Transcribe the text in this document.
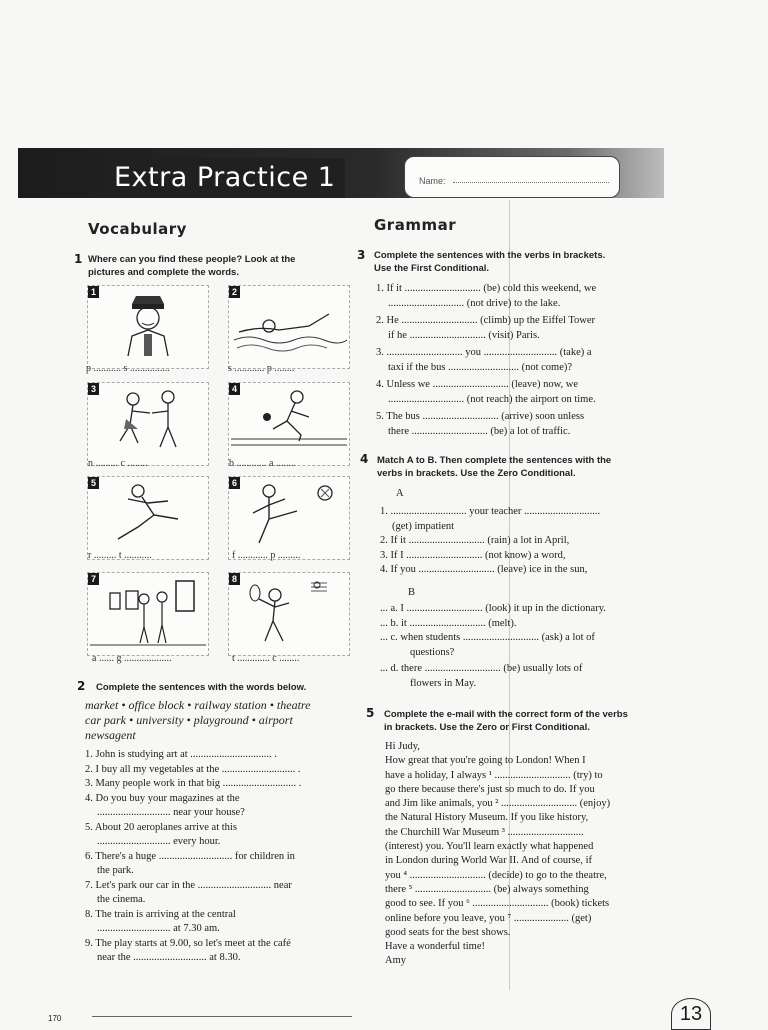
Extra Practice 1	Name:
Vocabulary
1 Where can you find these people? Look at the
pictures and complete the words.
1
p ........... s ................
2
s ............ p ........
3
n ......... c ........
4
b ............ a ........
5
r ......... t ...........
6
f ............ p .........
7
a ...... g ...................
8
t ............. c ........
2 Complete the sentences with the words below.
market • office block • railway station • theatre
car park • university • playground • airport
newsagent
1. John is studying art at ............................... .
2. I buy all my vegetables at the ............................ .
3. Many people work in that big ............................ .
4. Do you buy your magazines at the
............................ near your house?
5. About 20 aeroplanes arrive at this
............................ every hour.
6. There's a huge ............................ for children in
the park.
7. Let's park our car in the ............................ near
the cinema.
8. The train is arriving at the central
............................ at 7.30 am.
9. The play starts at 9.00, so let's meet at the café
near the ............................ at 8.30.
Grammar
3 Complete the sentences with the verbs in brackets.
Use the First Conditional.
1. If it ............................. (be) cold this weekend, we
............................. (not drive) to the lake.
2. He ............................. (climb) up the Eiffel Tower
if he ............................. (visit) Paris.
3. ............................. you ............................ (take) a
taxi if the bus ........................... (not come)?
4. Unless we ............................. (leave) now, we
............................. (not reach) the airport on time.
5. The bus ............................. (arrive) soon unless
there ............................. (be) a lot of traffic.
4 Match A to B. Then complete the sentences with the
verbs in brackets. Use the Zero Conditional.
A
1. ............................. your teacher .............................
(get) impatient
2. If it ............................. (rain) a lot in April,
3. If I ............................. (not know) a word,
4. If you ............................. (leave) ice in the sun,
B
... a. I ............................. (look) it up in the dictionary.
... b. it ............................. (melt).
... c. when students ............................. (ask) a lot of
questions?
... d. there ............................. (be) usually lots of
flowers in May.
5 Complete the e-mail with the correct form of the verbs
in brackets. Use the Zero or First Conditional.
Hi Judy,
How great that you're going to London! When I
have a holiday, I always ¹ ............................. (try) to
go there because there's just so much to do. If you
and Jim like animals, you ² ............................. (enjoy)
the Natural History Museum. If you like history,
the Churchill War Museum ³ .............................
(interest) you. You'll learn exactly what happened
in London during World War II. And of course, if
you ⁴ ............................. (decide) to go to the theatre,
there ⁵ ............................. (be) always something
good to see. If you ⁶ ............................. (book) tickets
online before you leave, you ⁷ ..................... (get)
good seats for the best shows.
Have a wonderful time!
Amy
170	13
